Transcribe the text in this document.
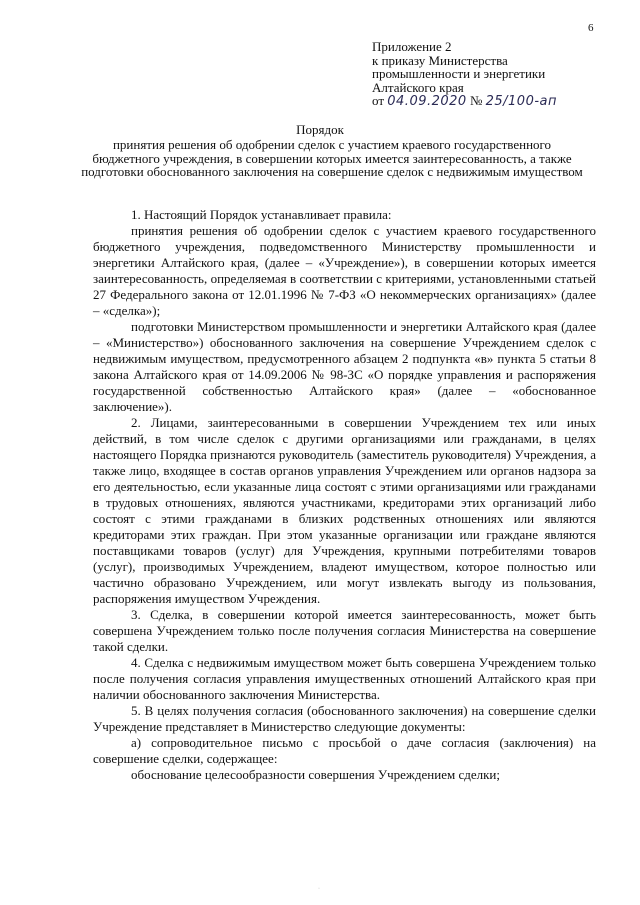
6
Приложение 2
к приказу Министерства
промышленности и энергетики
Алтайского края
от 04.09.2020 № 25/100-ап
Порядок
принятия решения об одобрении сделок с участием краевого государственного бюджетного учреждения, в совершении которых имеется заинтересованность, а также подготовки обоснованного заключения на совершение сделок с недвижимым имуществом

1. Настоящий Порядок устанавливает правила:

принятия решения об одобрении сделок с участием краевого государственного бюджетного учреждения, подведомственного Министерству промышленности и энергетики Алтайского края, (далее – «Учреждение»), в совершении которых имеется заинтересованность, определяемая в соответствии с критериями, установленными статьей 27 Федерального закона от 12.01.1996 № 7-ФЗ «О некоммерческих организациях» (далее – «сделка»);

подготовки Министерством промышленности и энергетики Алтайского края (далее – «Министерство») обоснованного заключения на совершение Учреждением сделок с недвижимым имуществом, предусмотренного абзацем 2 подпункта «в» пункта 5 статьи 8 закона Алтайского края от 14.09.2006 № 98-ЗС «О порядке управления и распоряжения государственной собственностью Алтайского края» (далее – «обоснованное заключение»).

2. Лицами, заинтересованными в совершении Учреждением тех или иных действий, в том числе сделок с другими организациями или гражданами, в целях настоящего Порядка признаются руководитель (заместитель руководителя) Учреждения, а также лицо, входящее в состав органов управления Учреждением или органов надзора за его деятельностью, если указанные лица состоят с этими организациями или гражданами в трудовых отношениях, являются участниками, кредиторами этих организаций либо состоят с этими гражданами в близких родственных отношениях или являются кредиторами этих граждан. При этом указанные организации или граждане являются поставщиками товаров (услуг) для Учреждения, крупными потребителями товаров (услуг), производимых Учреждением, владеют имуществом, которое полностью или частично образовано Учреждением, или могут извлекать выгоду из пользования, распоряжения имуществом Учреждения.

3. Сделка, в совершении которой имеется заинтересованность, может быть совершена Учреждением только после получения согласия Министерства на совершение такой сделки.

4. Сделка с недвижимым имуществом может быть совершена Учреждением только после получения согласия управления имущественных отношений Алтайского края при наличии обоснованного заключения Министерства.

5. В целях получения согласия (обоснованного заключения) на совершение сделки Учреждение представляет в Министерство следующие документы:

а) сопроводительное письмо с просьбой о даче согласия (заключения) на совершение сделки, содержащее:

обоснование целесообразности совершения Учреждением сделки;

·
